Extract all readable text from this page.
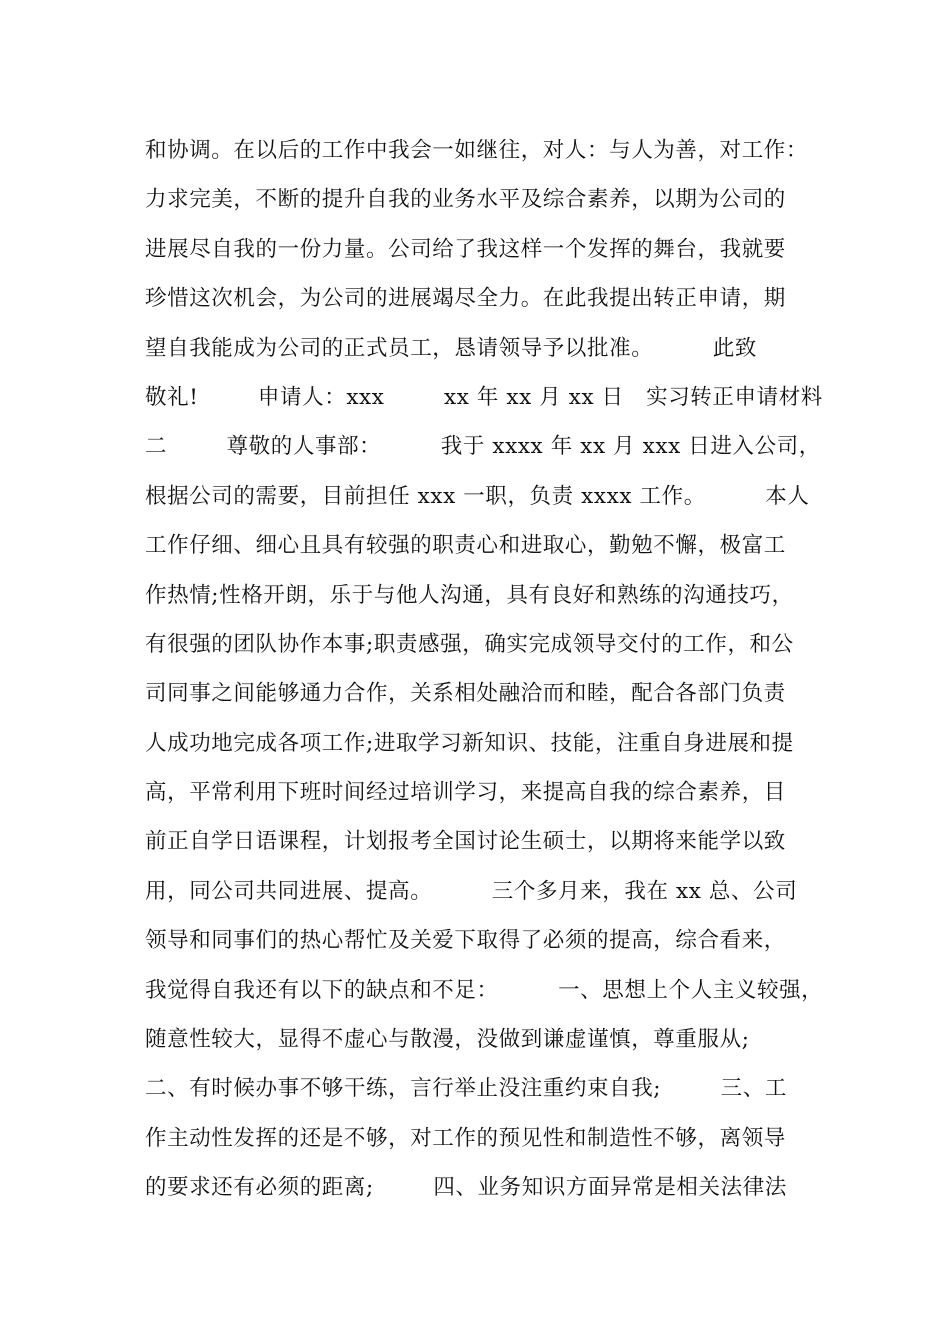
和协调。在以后的工作中我会一如继往，对人：与人为善，对工作：
力求完美，不断的提升自我的业务水平及综合素养，以期为公司的
进展尽自我的一份力量。公司给了我这样一个发挥的舞台，我就要
珍惜这次机会，为公司的进展竭尽全力。在此我提出转正申请，期
望自我能成为公司的正式员工，恳请领导予以批准。        此致
敬礼!        申请人：xxx        xx 年 xx 月 xx 日   实习转正申请材料
二        尊敬的人事部：        我于 xxxx 年 xx 月 xxx 日进入公司，
根据公司的需要，目前担任 xxx 一职，负责 xxxx 工作。        本人
工作仔细、细心且具有较强的职责心和进取心，勤勉不懈，极富工
作热情;性格开朗，乐于与他人沟通，具有良好和熟练的沟通技巧，
有很强的团队协作本事;职责感强，确实完成领导交付的工作，和公
司同事之间能够通力合作，关系相处融洽而和睦，配合各部门负责
人成功地完成各项工作;进取学习新知识、技能，注重自身进展和提
高，平常利用下班时间经过培训学习，来提高自我的综合素养，目
前正自学日语课程，计划报考全国讨论生硕士，以期将来能学以致
用，同公司共同进展、提高。        三个多月来，我在 xx 总、公司
领导和同事们的热心帮忙及关爱下取得了必须的提高，综合看来，
我觉得自我还有以下的缺点和不足：        一、思想上个人主义较强，
随意性较大，显得不虚心与散漫，没做到谦虚谨慎，尊重服从;
二、有时候办事不够干练，言行举止没注重约束自我;        三、工
作主动性发挥的还是不够，对工作的预见性和制造性不够，离领导
的要求还有必须的距离;        四、业务知识方面异常是相关法律法
